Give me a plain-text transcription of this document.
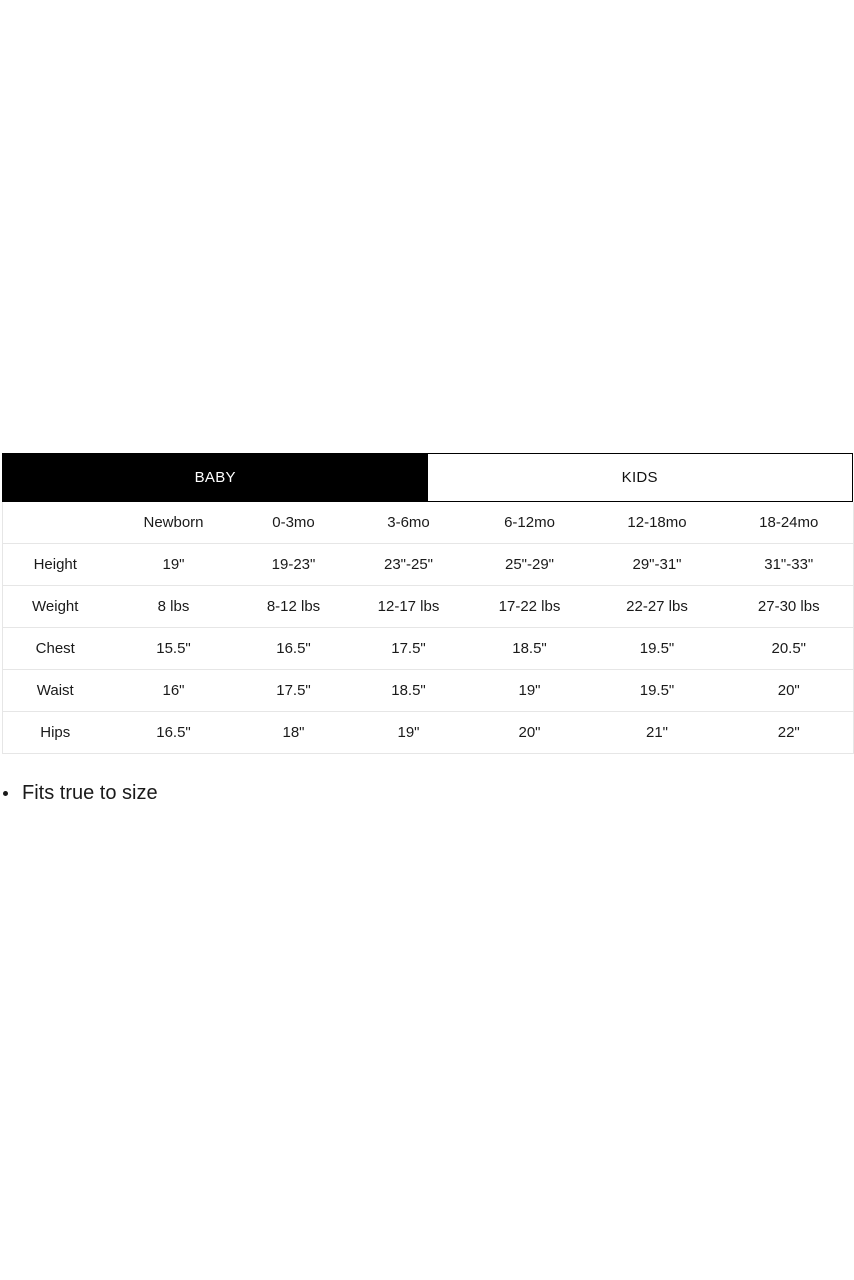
BABY	KIDS
	Newborn	0-3mo	3-6mo	6-12mo	12-18mo	18-24mo
Height	19"	19-23"	23"-25"	25"-29"	29"-31"	31"-33"
Weight	8 lbs	8-12 lbs	12-17 lbs	17-22 lbs	22-27 lbs	27-30 lbs
Chest	15.5"	16.5"	17.5"	18.5"	19.5"	20.5"
Waist	16"	17.5"	18.5"	19"	19.5"	20"
Hips	16.5"	18"	19"	20"	21"	22"
Fits true to size
